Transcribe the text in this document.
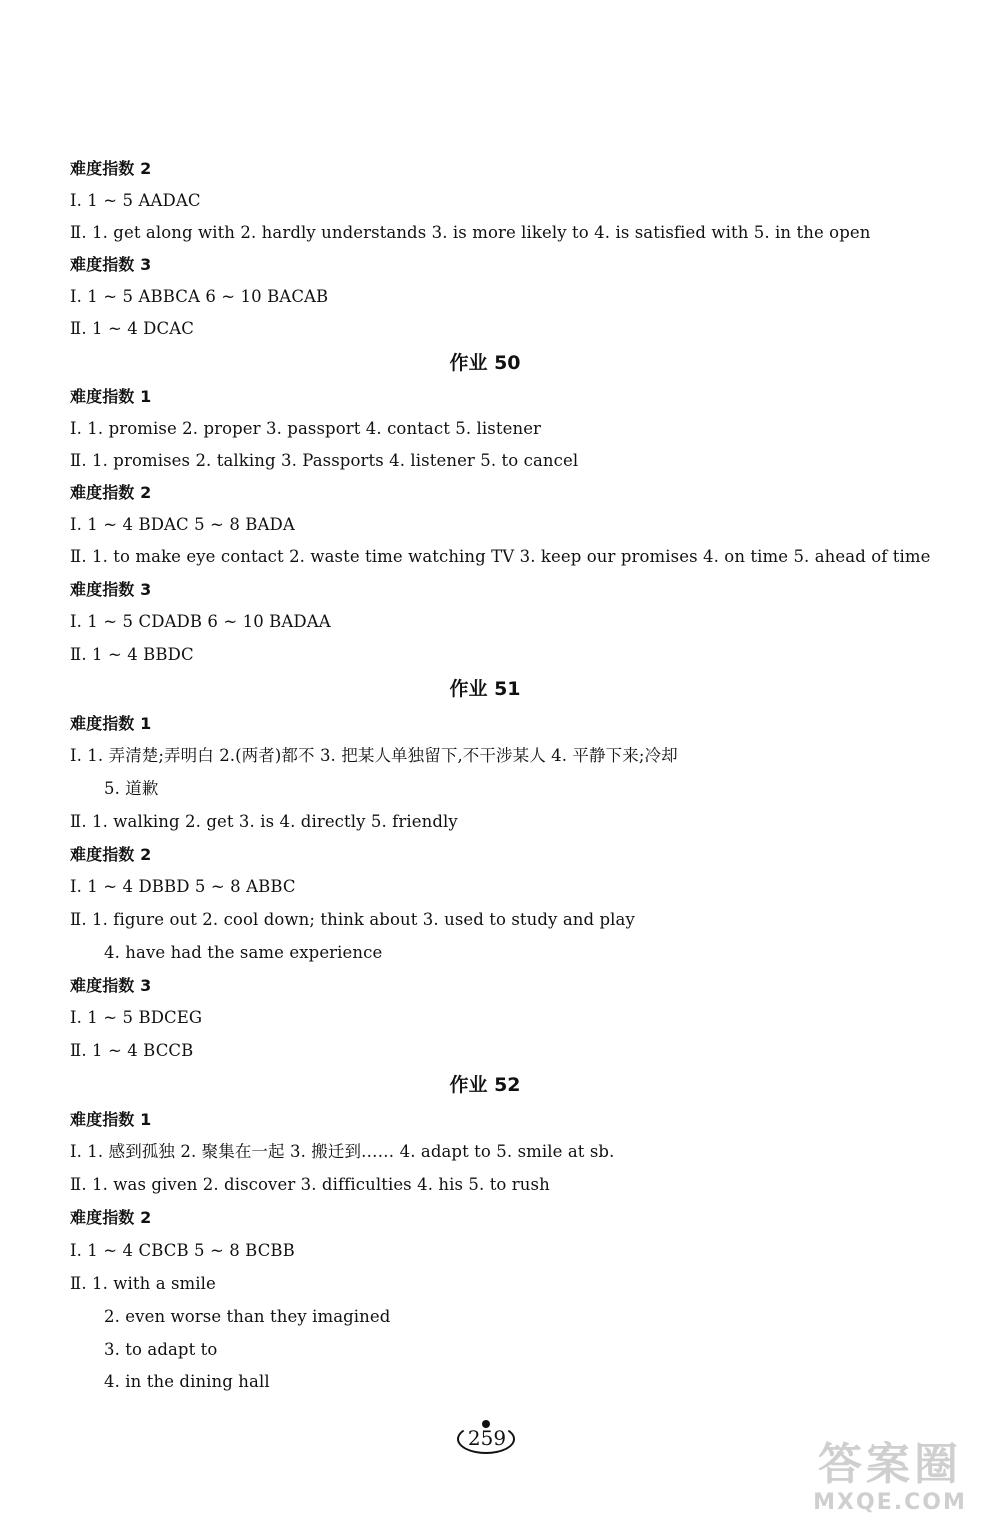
难度指数 2
Ⅰ. 1 ~ 5 AADAC
Ⅱ. 1. get along with 2. hardly understands 3. is more likely to 4. is satisfied with 5. in the open
难度指数 3
Ⅰ. 1 ~ 5 ABBCA 6 ~ 10 BACAB
Ⅱ. 1 ~ 4 DCAC
作业 50
难度指数 1
Ⅰ. 1. promise 2. proper 3. passport 4. contact 5. listener
Ⅱ. 1. promises 2. talking 3. Passports 4. listener 5. to cancel
难度指数 2
Ⅰ. 1 ~ 4 BDAC 5 ~ 8 BADA
Ⅱ. 1. to make eye contact 2. waste time watching TV 3. keep our promises 4. on time 5. ahead of time
难度指数 3
Ⅰ. 1 ~ 5 CDADB 6 ~ 10 BADAA
Ⅱ. 1 ~ 4 BBDC
作业 51
难度指数 1
Ⅰ. 1. 弄清楚;弄明白 2.(两者)都不 3. 把某人单独留下,不干涉某人 4. 平静下来;冷却
5. 道歉
Ⅱ. 1. walking 2. get 3. is 4. directly 5. friendly
难度指数 2
Ⅰ. 1 ~ 4 DBBD 5 ~ 8 ABBC
Ⅱ. 1. figure out 2. cool down; think about 3. used to study and play
4. have had the same experience
难度指数 3
Ⅰ. 1 ~ 5 BDCEG
Ⅱ. 1 ~ 4 BCCB
作业 52
难度指数 1
Ⅰ. 1. 感到孤独 2. 聚集在一起 3. 搬迁到…… 4. adapt to 5. smile at sb.
Ⅱ. 1. was given 2. discover 3. difficulties 4. his 5. to rush
难度指数 2
Ⅰ. 1 ~ 4 CBCB 5 ~ 8 BCBB
Ⅱ. 1. with a smile
2. even worse than they imagined
3. to adapt to
4. in the dining hall
259
答案圈
MXQE.COM
